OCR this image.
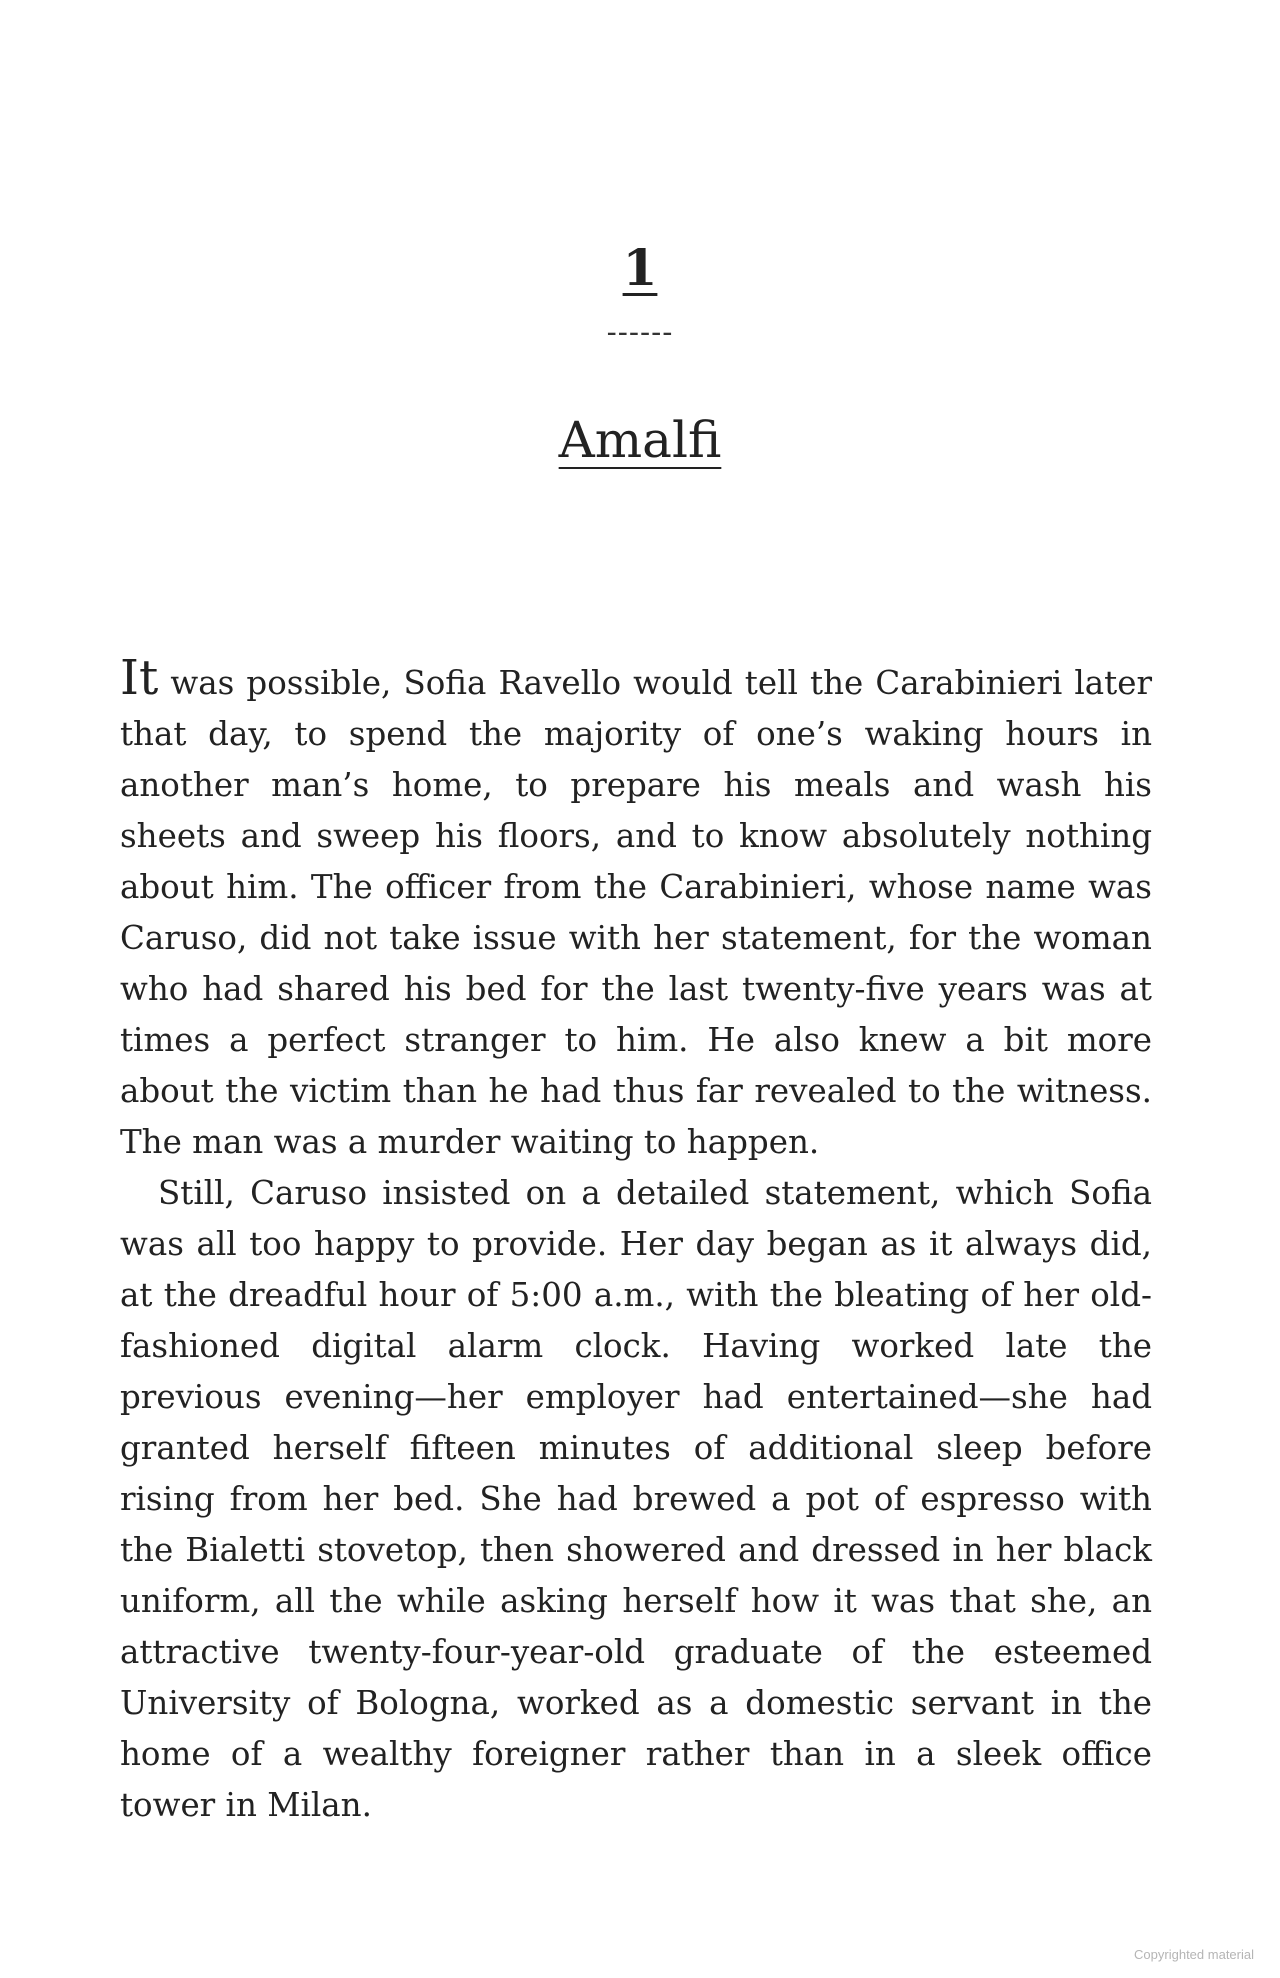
1
------
Amalfi

It was possible, Sofia Ravello would tell the Carabinieri later that day, to spend the majority of one’s waking hours in another man’s home, to prepare his meals and wash his sheets and sweep his floors, and to know absolutely nothing about him. The officer from the Carabinieri, whose name was Caruso, did not take issue with her statement, for the woman who had shared his bed for the last twenty-five years was at times a perfect stranger to him. He also knew a bit more about the victim than he had thus far revealed to the witness. The man was a murder waiting to happen.

Still, Caruso insisted on a detailed statement, which Sofia was all too happy to provide. Her day began as it always did, at the dreadful hour of 5:00 a.m., with the bleating of her old-fashioned digital alarm clock. Having worked late the previous evening—her employer had entertained—she had granted herself fifteen minutes of additional sleep before rising from her bed. She had brewed a pot of espresso with the Bialetti stovetop, then showered and dressed in her black uniform, all the while asking herself how it was that she, an attractive twenty-four-year-old graduate of the esteemed University of Bologna, worked as a domestic servant in the home of a wealthy foreigner rather than in a sleek office tower in Milan.

Copyrighted material
